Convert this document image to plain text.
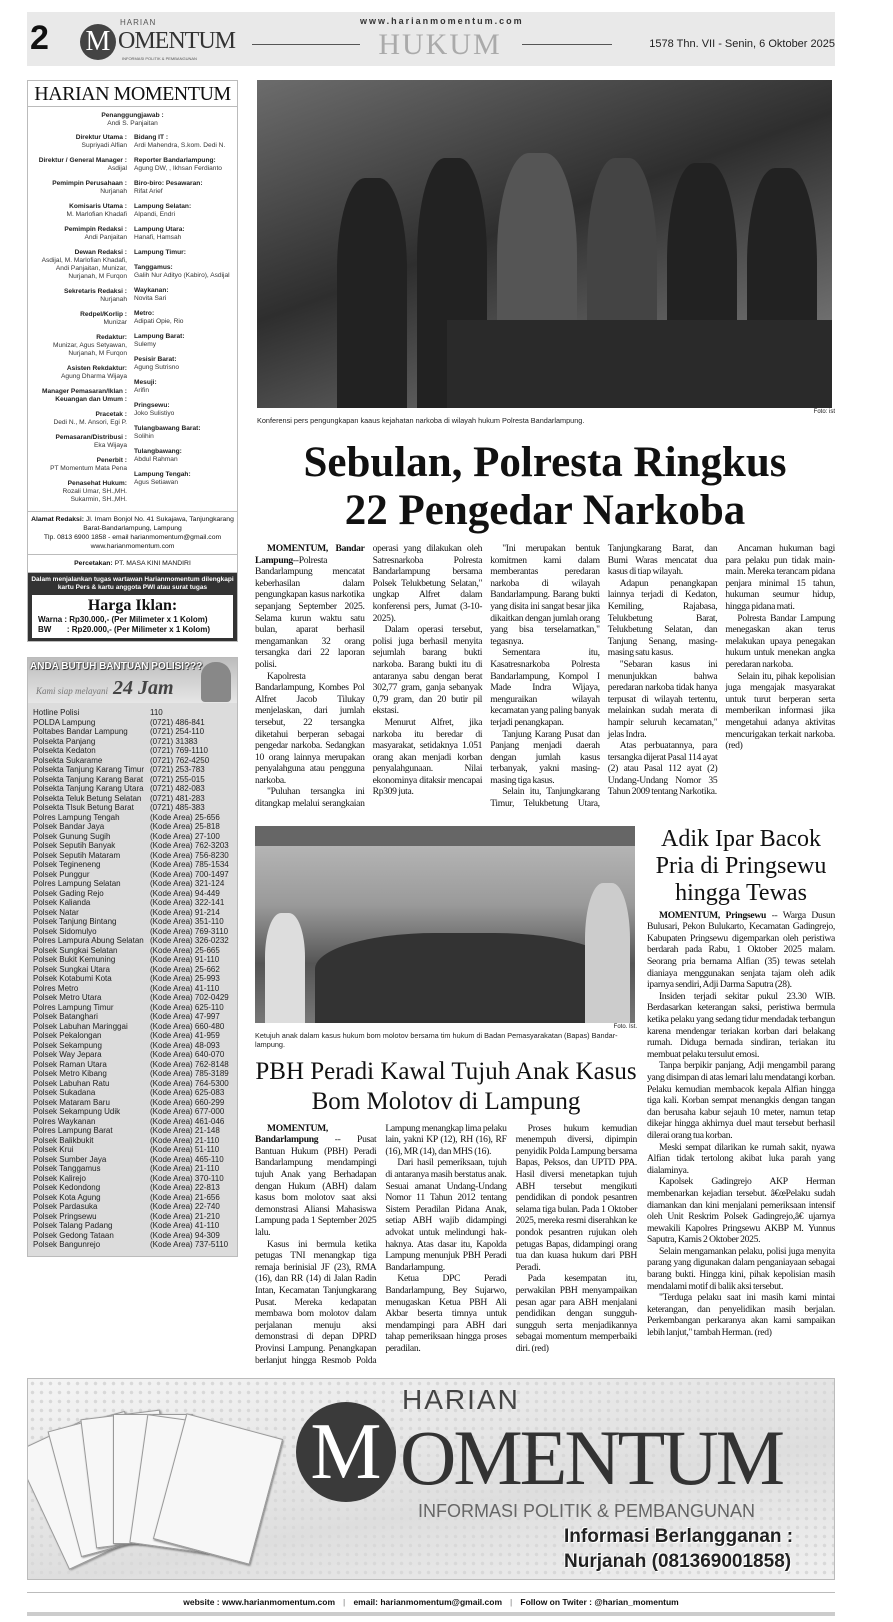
2 M
HARIAN
OMENTUM
INFORMASI POLITIK & PEMBANGUNAN
www.harianmomentum.com
HUKUM	1578 Thn. VII - Senin, 6 Oktober 2025
HARIAN MOMENTUM
Penanggungjawab :
Andi S. Panjaitan
Direktur Utama :
Supriyadi Alfian
Direktur / General Manager :
Asdijal
Pemimpin Perusahaan :
Nurjanah
Komisaris Utama :
M. Marlofian Khadafi
Pemimpin Redaksi :
Andi Panjaitan
Dewan Redaksi :
Asdijal, M. Marlofian Khadafi, Andi Panjaitan, Munizar, Nurjanah, M Furqon
Sekretaris Redaksi :
Nurjanah
Redpel/Korlip :
Munizar
Redaktur:
Munizar, Agus Setyawan, Nurjanah, M Furqon
Asisten Rekdaktur:
Agung Dharma Wijaya
Manager Pemasaran/Iklan : Keuangan dan Umum :
Pracetak :
Dedi N., M. Ansori, Egi P.
Pemasaran/Distribusi :
Eka Wijaya
Penerbit :
PT Momentum Mata Pena
Penasehat Hukum:
Rozali Umar, SH.,MH. Sukarmin, SH.,MH.
Bidang IT :
Ardi Mahendra, S.kom. Dedi N.
Reporter Bandarlampung:
Agung DW, , Ikhsan Ferdianto
Biro-biro: Pesawaran:
Rifat Arief
Lampung Selatan:
Alpandi, Endri
Lampung Utara:
Hanafi, Hamsah
Lampung Timur:
Tanggamus:
Galih Nur Adityo (Kabiro), Asdijal
Waykanan:
Novita Sari
Metro:
Adipati Opie, Rio
Lampung Barat:
Sulemy
Pesisir Barat:
Agung Sutrisno
Mesuji:
Arifin
Pringsewu:
Joko Sulistiyo
Tulangbawang Barat:
Solihin
Tulangbawang:
Abdul Rahman
Lampung Tengah:
Agus Setiawan
Alamat Redaksi: Jl. Imam Bonjol No. 41 Sukajawa, Tanjungkarang Barat-Bandarlampung, Lampung
Tlp. 0813 6900 1858 - email harianmomentum@gmail.com
www.harianmomentum.com
Percetakan: PT. MASA KINI MANDIRI
Dalam menjalankan tugas wartawan Harianmomentum dilengkapi kartu Pers & kartu anggota PWI atau surat tugas
Harga Iklan:
Warna : Rp30.000,- (Per Milimeter x 1 Kolom)
BW       : Rp20.000,- (Per Milimeter x 1 Kolom)
ANDA BUTUH BANTUAN POLISI???
Kami siap melayani 24 Jam
Hotline Polisi	110
POLDA Lampung	(0721) 486-841
Poltabes Bandar Lampung	(0721) 254-110
Polsekta Panjang	(0721) 31383
Polsekta Kedaton	(0721) 769-1110
Polsekta Sukarame	(0721) 762-4250
Polsekta Tanjung Karang Timur (0721) 253-783
Polsekta Tanjung Karang Barat (0721) 255-015
Polsekta Tanjung Karang Utara (0721) 482-083
Polsekta Teluk Betung Selatan	(0721) 481-283
Polsekta Tlsuk Betung Barat	(0721) 485-383
Polres Lampung Tengah	(Kode Area) 25-656
Polsek Bandar Jaya	(Kode Area) 25-818
Polsek Gunung Sugih	(Kode Area) 27-100
Polsek Seputih Banyak	(Kode Area) 762-3203
Polsek Seputih Mataram	(Kode Area) 756-8230
Polsek Tegineneng	(Kode Area) 785-1534
Polsek Punggur	(Kode Area) 700-1497
Polres Lampung Selatan	(Kode Area) 321-124
Polsek Gading Rejo	(Kode Area) 94-449
Polsek Kalianda	(Kode Area) 322-141
Polsek Natar	(Kode Area) 91-214
Polsek Tanjung Bintang	(Kode Area) 351-110
Polsek Sidomulyo	(Kode Area) 769-3110
Polres Lampura Abung Selatan (Kode Area) 326-0232
Polsek Sungkai Selatan	(Kode Area) 25-665
Polsek Bukit Kemuning	(Kode Area) 91-110
Polsek Sungkai Utara	(Kode Area) 25-662
Polsek Kotabumi Kota	(Kode Area) 25-993
Polres Metro	(Kode Area) 41-110
Polsek Metro Utara	(Kode Area) 702-0429
Polres Lampung Timur	(Kode Area) 625-110
Polsek Batanghari	(Kode Area) 47-997
Polsek Labuhan Maringgai	(Kode Area) 660-480
Polsek Pekalongan	(Kode Area) 41-959
Polsek Sekampung	(Kode Area) 48-093
Polsek Way Jepara	(Kode Area) 640-070
Polsek Raman Utara	(Kode Area) 762-8148
Polsek Metro Kibang	(Kode Area) 785-3189
Polsek Labuhan Ratu	(Kode Area) 764-5300
Polsek Sukadana	(Kode Area) 625-083
Polsek Mataram Baru	(Kode Area) 660-299
Polsek Sekampung Udik	(Kode Area) 677-000
Polres Waykanan	(Kode Area) 461-046
Polres Lampung Barat	(Kode Area) 21-148
Polsek Balikbukit	(Kode Area) 21-110
Polsek Krui	(Kode Area) 51-110
Polsek Sumber Jaya	(Kode Area) 465-110
Polsek Tanggamus	(Kode Area) 21-110
Polsek Kalirejo	(Kode Area) 370-110
Polsek Kedondong	(Kode Area) 22-813
Polsek Kota Agung	(Kode Area) 21-656
Polsek Pardasuka	(Kode Area) 22-740
Polsek Pringsewu	(Kode Area) 21-210
Polsek Talang Padang	(Kode Area) 41-110
Polsek Gedong Tataan	(Kode Area) 94-309
Polsek Bangunrejo	(Kode Area) 737-5110
Foto: ist
Konferensi pers pengungkapan kaaus kejahatan narkoba di wilayah hukum Polresta Bandarlampung.
Sebulan, Polresta Ringkus
22 Pengedar Narkoba

MOMENTUM, Bandar Lampung--Polresta Bandarlampung mencatat keberhasilan dalam pengungkapan kasus narkotika sepanjang September 2025. Selama kurun waktu satu bulan, aparat berhasil mengamankan 32 orang tersangka dari 22 laporan polisi.

Kapolresta Bandarlampung, Kombes Pol Alfret Jacob Tilukay menjelaskan, dari jumlah tersebut, 22 tersangka diketahui berperan sebagai pengedar narkoba. Sedangkan 10 orang lainnya merupakan penyalahguna atau pengguna narkoba.

"Puluhan tersangka ini ditangkap melalui serangkaian operasi yang dilakukan oleh Satresnarkoba Polresta Bandarlampung bersama Polsek Telukbetung Selatan," ungkap Alfret dalam konferensi pers, Jumat (3-10-2025).

Dalam operasi tersebut, polisi juga berhasil menyita sejumlah barang bukti narkoba. Barang bukti itu di antaranya sabu dengan berat 302,77 gram, ganja sebanyak 0,79 gram, dan 20 butir pil ekstasi.

Menurut Alfret, jika narkoba itu beredar di masyarakat, setidaknya 1.051 orang akan menjadi korban penyalahgunaan. Nilai ekonominya ditaksir mencapai Rp309 juta.

"Ini merupakan bentuk komitmen kami dalam memberantas peredaran narkoba di wilayah Bandarlampung. Barang bukti yang disita ini sangat besar jika dikaitkan dengan jumlah orang yang bisa terselamatkan," tegasnya.

Sementara itu, Kasatresnarkoba Polresta Bandarlampung, Kompol I Made Indra Wijaya, menguraikan wilayah kecamatan yang paling banyak terjadi penangkapan.

Tanjung Karang Pusat dan Panjang menjadi daerah dengan jumlah kasus terbanyak, yakni masing-masing tiga kasus.

Selain itu, Tanjungkarang Timur, Telukbetung Utara, Tanjungkarang Barat, dan Bumi Waras mencatat dua kasus di tiap wilayah.

Adapun penangkapan lainnya terjadi di Kedaton, Kemiling, Rajabasa, Telukbetung Barat, Telukbetung Selatan, dan Tanjung Senang, masing-masing satu kasus.

"Sebaran kasus ini menunjukkan bahwa peredaran narkoba tidak hanya terpusat di wilayah tertentu, melainkan sudah merata di hampir seluruh kecamatan," jelas Indra.

Atas perbuatannya, para tersangka dijerat Pasal 114 ayat (2) atau Pasal 112 ayat (2) Undang-Undang Nomor 35 Tahun 2009 tentang Narkotika.

Ancaman hukuman bagi para pelaku pun tidak main-main. Mereka terancam pidana penjara minimal 15 tahun, hukuman seumur hidup, hingga pidana mati.

Polresta Bandar Lampung menegaskan akan terus melakukan upaya penegakan hukum untuk menekan angka peredaran narkoba.

Selain itu, pihak kepolisian juga mengajak masyarakat untuk turut berperan serta memberikan informasi jika mengetahui adanya aktivitas mencurigakan terkait narkoba. (red)

Foto. Ist.
Ketujuh anak dalam kasus hukum bom molotov bersama tim hukum di Badan Pemasyarakatan (Bapas) Bandar-lampung.
PBH Peradi Kawal Tujuh Anak Kasus Bom Molotov di Lampung

MOMENTUM, Bandarlampung -- Pusat Bantuan Hukum (PBH) Peradi Bandarlampung mendampingi tujuh Anak yang Berhadapan dengan Hukum (ABH) dalam kasus bom molotov saat aksi demonstrasi Aliansi Mahasiswa Lampung pada 1 September 2025 lalu.

Kasus ini bermula ketika petugas TNI menangkap tiga remaja berinisial JF (23), RMA (16), dan RR (14) di Jalan Radin Intan, Kecamatan Tanjungkarang Pusat. Mereka kedapatan membawa bom molotov dalam perjalanan menuju aksi demonstrasi di depan DPRD Provinsi Lampung. Penangkapan berlanjut hingga Resmob Polda Lampung menangkap lima pelaku lain, yakni KP (12), RH (16), RF (16), MR (14), dan MHS (16).

Dari hasil pemeriksaan, tujuh di antaranya masih berstatus anak. Sesuai amanat Undang-Undang Nomor 11 Tahun 2012 tentang Sistem Peradilan Pidana Anak, setiap ABH wajib didampingi advokat untuk melindungi hak-haknya. Atas dasar itu, Kapolda Lampung menunjuk PBH Peradi Bandarlampung.

Ketua DPC Peradi Bandarlampung, Bey Sujarwo, menugaskan Ketua PBH Ali Akbar beserta timnya untuk mendampingi para ABH dari tahap pemeriksaan hingga proses peradilan.

Proses hukum kemudian menempuh diversi, dipimpin penyidik Polda Lampung bersama Bapas, Peksos, dan UPTD PPA. Hasil diversi menetapkan tujuh ABH tersebut mengikuti pendidikan di pondok pesantren selama tiga bulan. Pada 1 Oktober 2025, mereka resmi diserahkan ke pondok pesantren rujukan oleh petugas Bapas, didampingi orang tua dan kuasa hukum dari PBH Peradi.

Pada kesempatan itu, perwakilan PBH menyampaikan pesan agar para ABH menjalani pendidikan dengan sungguh-sungguh serta menjadikannya sebagai momentum memperbaiki diri. (red)

Adik Ipar Bacok Pria di Pringsewu hingga Tewas

MOMENTUM, Pringsewu -- Warga Dusun Bulusari, Pekon Bulukarto, Kecamatan Gadingrejo, Kabupaten Pringsewu digemparkan oleh peristiwa berdarah pada Rabu, 1 Oktober 2025 malam. Seorang pria bernama Alfian (35) tewas setelah dianiaya menggunakan senjata tajam oleh adik iparnya sendiri, Adji Darma Saputra (28).

Insiden terjadi sekitar pukul 23.30 WIB. Berdasarkan keterangan saksi, peristiwa bermula ketika pelaku yang sedang tidur mendadak terbangun karena mendengar teriakan korban dari belakang rumah. Diduga bernada sindiran, teriakan itu membuat pelaku tersulut emosi.

Tanpa berpikir panjang, Adji mengambil parang yang disimpan di atas lemari lalu mendatangi korban. Pelaku kemudian membacok kepala Alfian hingga tiga kali. Korban sempat menangkis dengan tangan dan berusaha kabur sejauh 10 meter, namun tetap dikejar hingga akhirnya duel maut tersebut berhasil dilerai orang tua korban.

Meski sempat dilarikan ke rumah sakit, nyawa Alfian tidak tertolong akibat luka parah yang dialaminya.

Kapolsek Gadingrejo AKP Herman membenarkan kejadian tersebut. â€œPelaku sudah diamankan dan kini menjalani pemeriksaan intensif oleh Unit Reskrim Polsek Gadingrejo,â€ ujarnya mewakili Kapolres Pringsewu AKBP M. Yunnus Saputra, Kamis 2 Oktober 2025.

Selain mengamankan pelaku, polisi juga menyita parang yang digunakan dalam penganiayaan sebagai barang bukti. Hingga kini, pihak kepolisian masih mendalami motif di balik aksi tersebut.

"Terduga pelaku saat ini masih kami mintai keterangan, dan penyelidikan masih berjalan. Perkembangan perkaranya akan kami sampaikan lebih lanjut," tambah Herman. (red)

M
HARIAN
OMENTUM
INFORMASI POLITIK & PEMBANGUNAN
Informasi Berlangganan :
Nurjanah (081369001858)
website : www.harianmomentum.com | email: harianmomentum@gmail.com | Follow on Twiter : @harian_momentum
